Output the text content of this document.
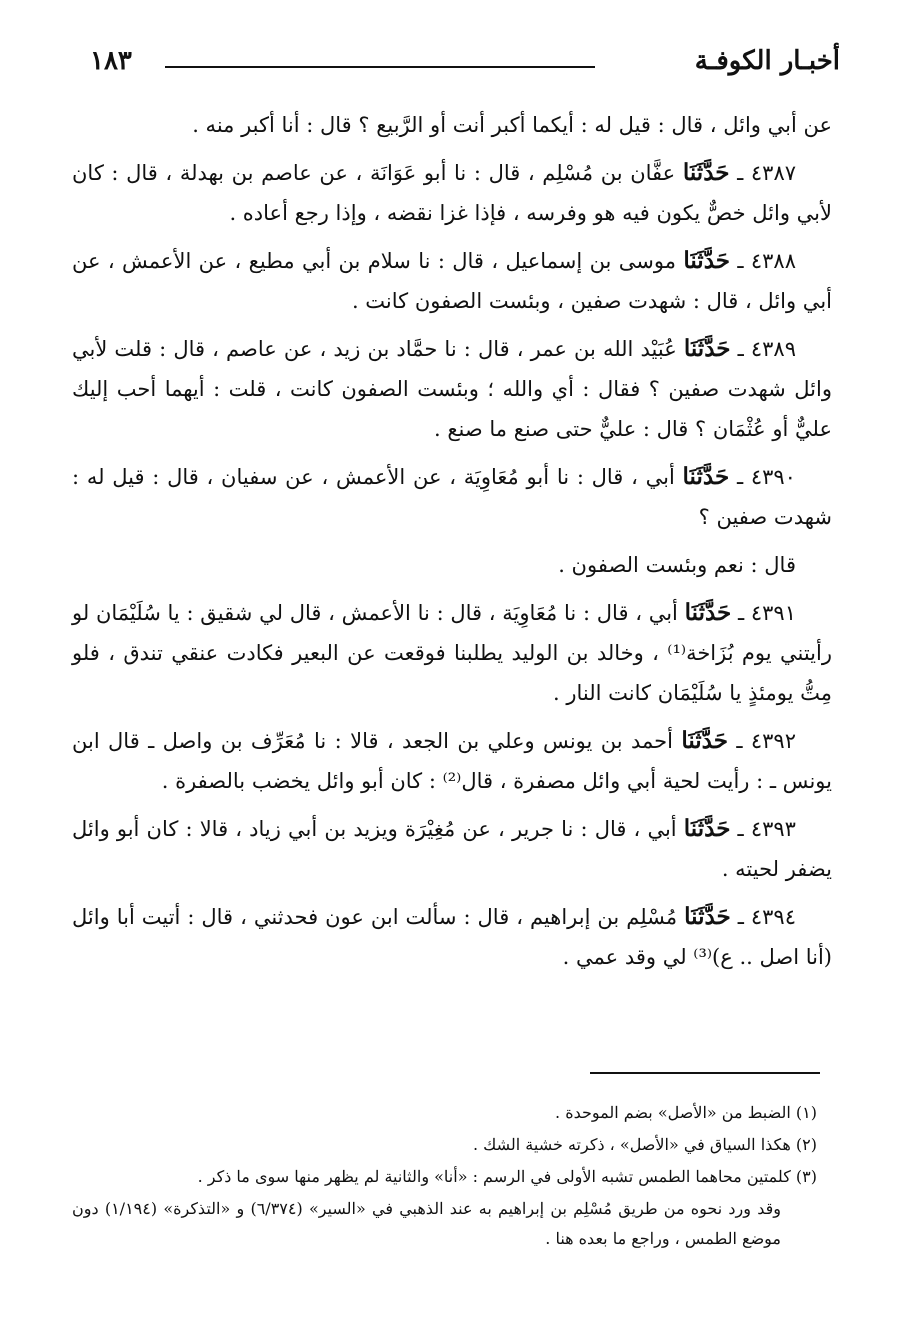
١٨٣	أخبـار الكوفـة

عن أبي وائل ، قال : قيل له : أيكما أكبر أنت أو الرَّبيع ؟ قال : أنا أكبر منه .

٤٣٨٧ ـ حَدَّثَنَا عفَّان بن مُسْلِم ، قال : نا أبو عَوَانَة ، عن عاصم بن بهدلة ، قال : كان لأبي وائل خصٌّ يكون فيه هو وفرسه ، فإذا غزا نقضه ، وإذا رجع أعاده .

٤٣٨٨ ـ حَدَّثَنَا موسى بن إسماعيل ، قال : نا سلام بن أبي مطيع ، عن الأعمش ، عن أبي وائل ، قال : شهدت صفين ، وبئست الصفون كانت .

٤٣٨٩ ـ حَدَّثَنَا عُبَيْد الله بن عمر ، قال : نا حمَّاد بن زيد ، عن عاصم ، قال : قلت لأبي وائل شهدت صفين ؟ فقال : أي والله ؛ وبئست الصفون كانت ، قلت : أيهما أحب إليك عليٌّ أو عُثْمَان ؟ قال : عليٌّ حتى صنع ما صنع .

٤٣٩٠ ـ حَدَّثَنَا أبي ، قال : نا أبو مُعَاوِيَة ، عن الأعمش ، عن سفيان ، قال : قيل له : شهدت صفين ؟

قال : نعم وبئست الصفون .

٤٣٩١ ـ حَدَّثَنَا أبي ، قال : نا مُعَاوِيَة ، قال : نا الأعمش ، قال لي شقيق : يا سُلَيْمَان لو رأيتني يوم بُزَاخة⁽¹⁾ ، وخالد بن الوليد يطلبنا فوقعت عن البعير فكادت عنقي تندق ، فلو مِتُّ يومئذٍ يا سُلَيْمَان كانت النار .

٤٣٩٢ ـ حَدَّثَنَا أحمد بن يونس وعلي بن الجعد ، قالا : نا مُعَرِّف بن واصل ـ قال ابن يونس ـ : رأيت لحية أبي وائل مصفرة ، قال⁽²⁾ : كان أبو وائل يخضب بالصفرة .

٤٣٩٣ ـ حَدَّثَنَا أبي ، قال : نا جرير ، عن مُغِيْرَة ويزيد بن أبي زياد ، قالا : كان أبو وائل يضفر لحيته .

٤٣٩٤ ـ حَدَّثَنَا مُسْلِم بن إبراهيم ، قال : سألت ابن عون فحدثني ، قال : أتيت أبا وائل (أنا اصل .. ع)⁽³⁾ لي وقد عمي .

(١) الضبط من «الأصل» بضم الموحدة .

(٢) هكذا السياق في «الأصل» ، ذكرته خشية الشك .

(٣) كلمتين محاهما الطمس تشبه الأولى في الرسم : «أنا» والثانية لم يظهر منها سوى ما ذكر .

وقد ورد نحوه من طريق مُسْلِم بن إبراهيم به عند الذهبي في «السير» (٦/٣٧٤) و «التذكرة» (١/١٩٤) دون موضع الطمس ، وراجع ما بعده هنا .
